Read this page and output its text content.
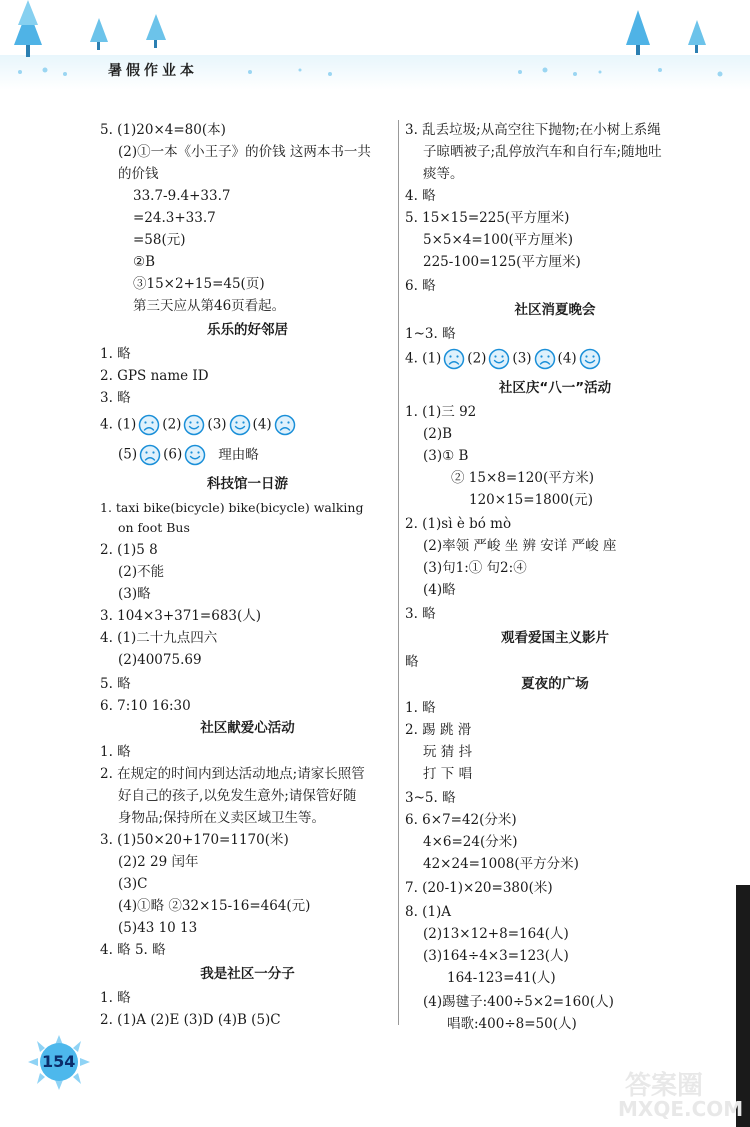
暑假作业本
5. (1)20×4=80(本)
(2)①一本《小王子》的价钱 这两本书一共
的价钱
33.7-9.4+33.7
=24.3+33.7
=58(元)
②B
③15×2+15=45(页)
第三天应从第46页看起。
乐乐的好邻居
1. 略
2. GPS name ID
3. 略
4. (1) (2) (3) (4)
(5) (6)	理由略
科技馆一日游
1. taxi bike(bicycle) bike(bicycle) walking
on foot Bus
2. (1)5 8
(2)不能
(3)略
3. 104×3+371=683(人)
4. (1)二十九点四六
(2)40075.69
5. 略
6. 7:10 16:30
社区献爱心活动
1. 略
2. 在规定的时间内到达活动地点;请家长照管
好自己的孩子,以免发生意外;请保管好随
身物品;保持所在义卖区域卫生等。
3. (1)50×20+170=1170(米)
(2)2 29 闰年
(3)C
(4)①略 ②32×15-16=464(元)
(5)43 10 13
4. 略 5. 略
我是社区一分子
1. 略
2. (1)A (2)E (3)D (4)B (5)C
3. 乱丢垃圾;从高空往下抛物;在小树上系绳
子晾晒被子;乱停放汽车和自行车;随地吐
痰等。
4. 略
5. 15×15=225(平方厘米)
5×5×4=100(平方厘米)
225-100=125(平方厘米)
6. 略
社区消夏晚会
1~3. 略
4. (1) (2) (3) (4)
社区庆“八一”活动
1. (1)三 92
(2)B
(3)① B
② 15×8=120(平方米)
120×15=1800(元)
2. (1)sì è bó mò
(2)率领 严峻 坐 辨 安详 严峻 座
(3)句1:① 句2:④
(4)略
3. 略
观看爱国主义影片
略
夏夜的广场
1. 略
2. 踢 跳 滑
玩 猜 抖
打 下 唱
3~5. 略
6. 6×7=42(分米)
4×6=24(分米)
42×24=1008(平方分米)
7. (20-1)×20=380(米)
8. (1)A
(2)13×12+8=164(人)
(3)164÷4×3=123(人)
164-123=41(人)
(4)踢毽子:400÷5×2=160(人)
唱歌:400÷8=50(人)
154
答案圈
MXQE.COM
